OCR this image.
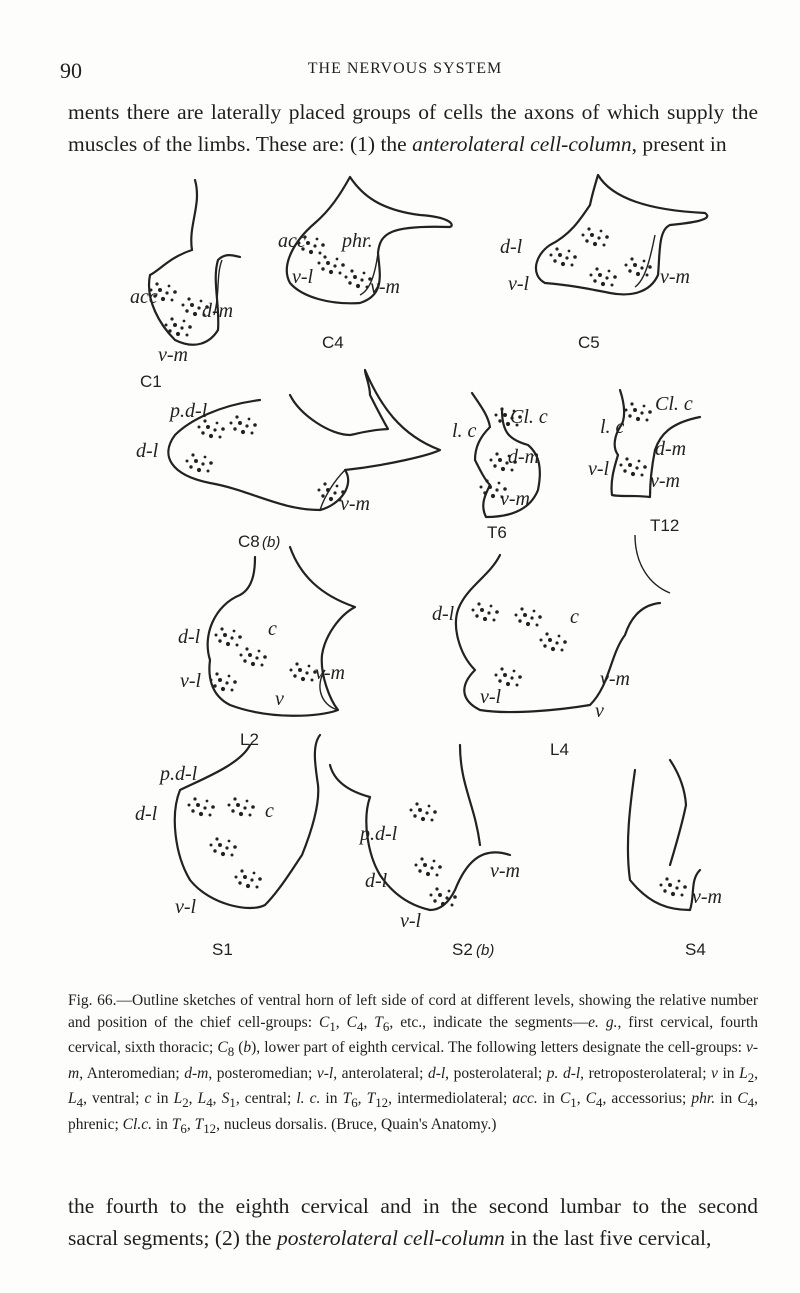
90	THE NERVOUS SYSTEM
ments there are laterally placed groups of cells the axons of which supply the
muscles of the limbs. These are: (1) the anterolateral cell-column, present in
acc
d-m
v-m
C1
acc phr.
v-l	v-m
C4
d-l
v-l	v-m
C5
p.d-l
d-l
v-m
C8 (b)
l. c
Cl. c
d-m
v-m
T6
l. c
Cl. c
d-m
v-l
v-m
T12
d-l	c
v-l	v-m
v
L2
d-l	c
v-l
v-m
v
L4
p.d-l
c
d-l
v-l
S1
p.d-l
d-l
v-l
v-m
S2 (b)
v-m
S4
Fig. 66.—Outline sketches of ventral horn of left side of cord at different levels, showing the relative number and position of the chief cell-groups: $C_1$, $C_4$, $T_6$, etc., indicate the segments—e. g., first cervical, fourth cervical, sixth thoracic; $C_8$ (b), lower part of eighth cervical. The following letters designate the cell-groups: v-m, Anteromedian; d-m, posteromedian; v-l, anterolateral; d-l, posterolateral; p. d-l, retroposterolateral; v in $L_2$, $L_4$, ventral; c in $L_2$, $L_4$, $S_1$, central; l. c. in $T_6$, $T_{12}$, intermediolateral; acc. in $C_1$, $C_4$, accessorius; phr. in $C_4$, phrenic; Cl.c. in $T_6$, $T_{12}$, nucleus dorsalis. (Bruce, Quain's Anatomy.)
the fourth to the eighth cervical and in the second lumbar to the second
sacral segments; (2) the posterolateral cell-column in the last five cervical,
